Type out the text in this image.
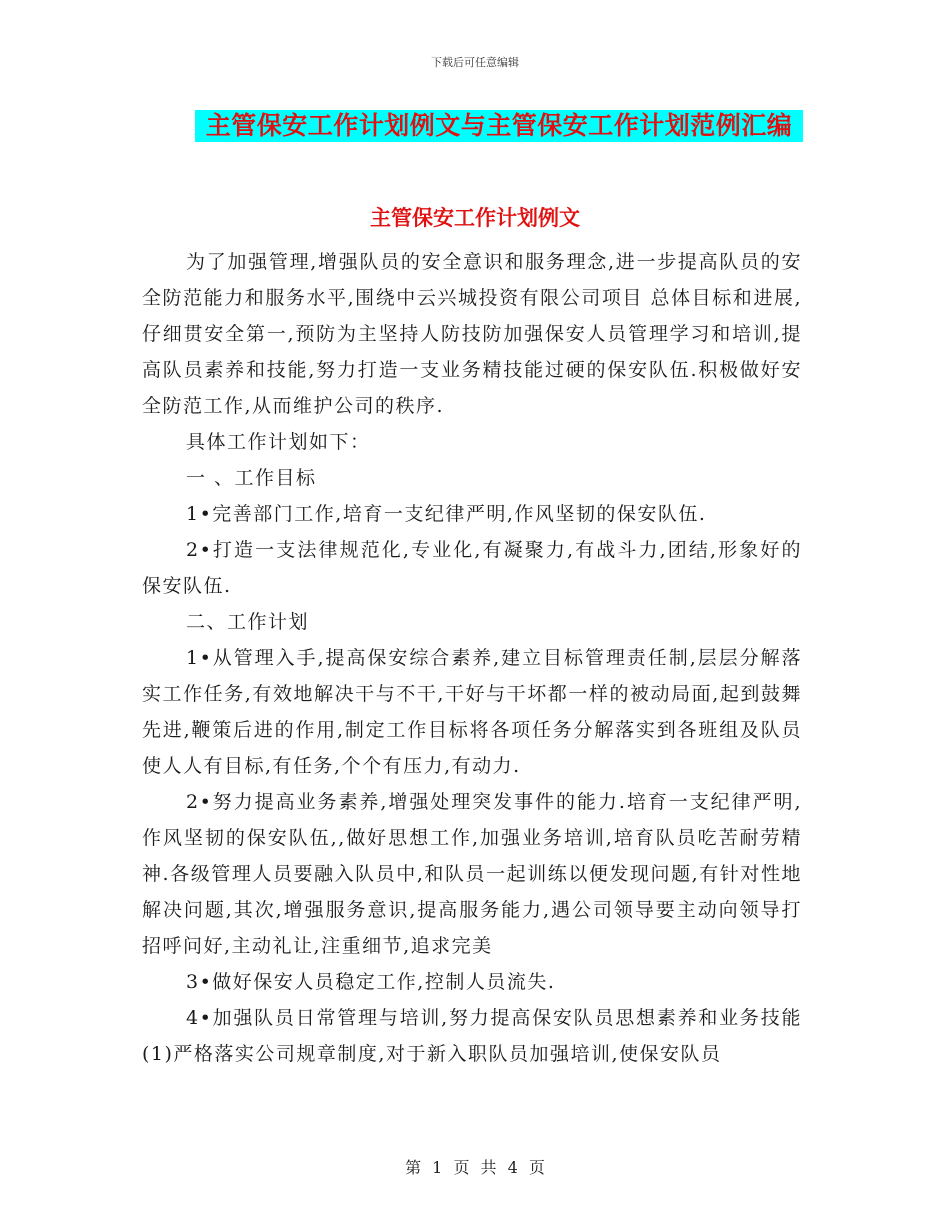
下载后可任意编辑
主管保安工作计划例文与主管保安工作计划范例汇编
主管保安工作计划例文

为了加强管理,增强队员的安全意识和服务理念,进一步提高队员的安全防范能力和服务水平,围绕中云兴城投资有限公司项目 总体目标和进展,仔细贯安全第一,预防为主坚持人防技防加强保安人员管理学习和培训,提高队员素养和技能,努力打造一支业务精技能过硬的保安队伍.积极做好安全防范工作,从而维护公司的秩序.

具体工作计划如下：

一 、工作目标

1•完善部门工作,培育一支纪律严明,作风坚韧的保安队伍.

2•打造一支法律规范化,专业化,有凝聚力,有战斗力,团结,形象好的保安队伍.

二、工作计划

1•从管理入手,提高保安综合素养,建立目标管理责任制,层层分解落实工作任务,有效地解决干与不干,干好与干坏都一样的被动局面,起到鼓舞先进,鞭策后进的作用,制定工作目标将各项任务分解落实到各班组及队员使人人有目标,有任务,个个有压力,有动力.

2•努力提高业务素养,增强处理突发事件的能力.培育一支纪律严明,作风坚韧的保安队伍,,做好思想工作,加强业务培训,培育队员吃苦耐劳精神.各级管理人员要融入队员中,和队员一起训练以便发现问题,有针对性地解决问题,其次,增强服务意识,提高服务能力,遇公司领导要主动向领导打招呼问好,主动礼让,注重细节,追求完美

3•做好保安人员稳定工作,控制人员流失.

4•加强队员日常管理与培训,努力提高保安队员思想素养和业务技能(1)严格落实公司规章制度,对于新入职队员加强培训,使保安队员

第 1 页 共 4 页
